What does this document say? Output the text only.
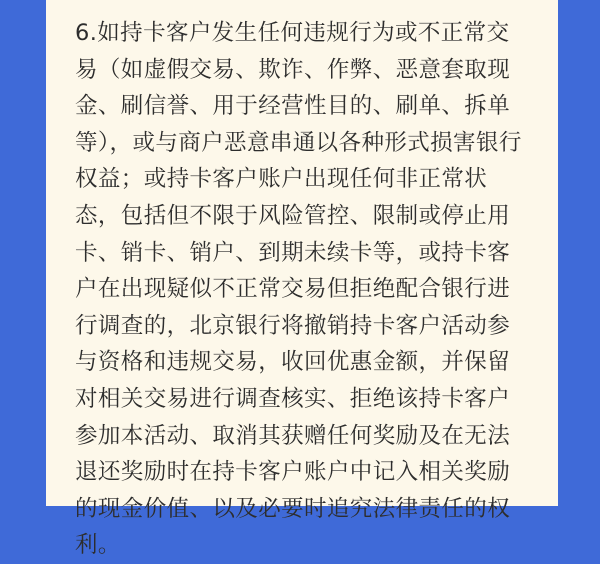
6.如持卡客户发生任何违规行为或不正常交易（如虚假交易、欺诈、作弊、恶意套取现金、刷信誉、用于经营性目的、刷单、拆单等），或与商户恶意串通以各种形式损害银行权益；或持卡客户账户出现任何非正常状态，包括但不限于风险管控、限制或停止用卡、销卡、销户、到期未续卡等，或持卡客户在出现疑似不正常交易但拒绝配合银行进行调查的，北京银行将撤销持卡客户活动参与资格和违规交易，收回优惠金额，并保留对相关交易进行调查核实、拒绝该持卡客户参加本活动、取消其获赠任何奖励及在无法退还奖励时在持卡客户账户中记入相关奖励的现金价值、以及必要时追究法律责任的权利。
